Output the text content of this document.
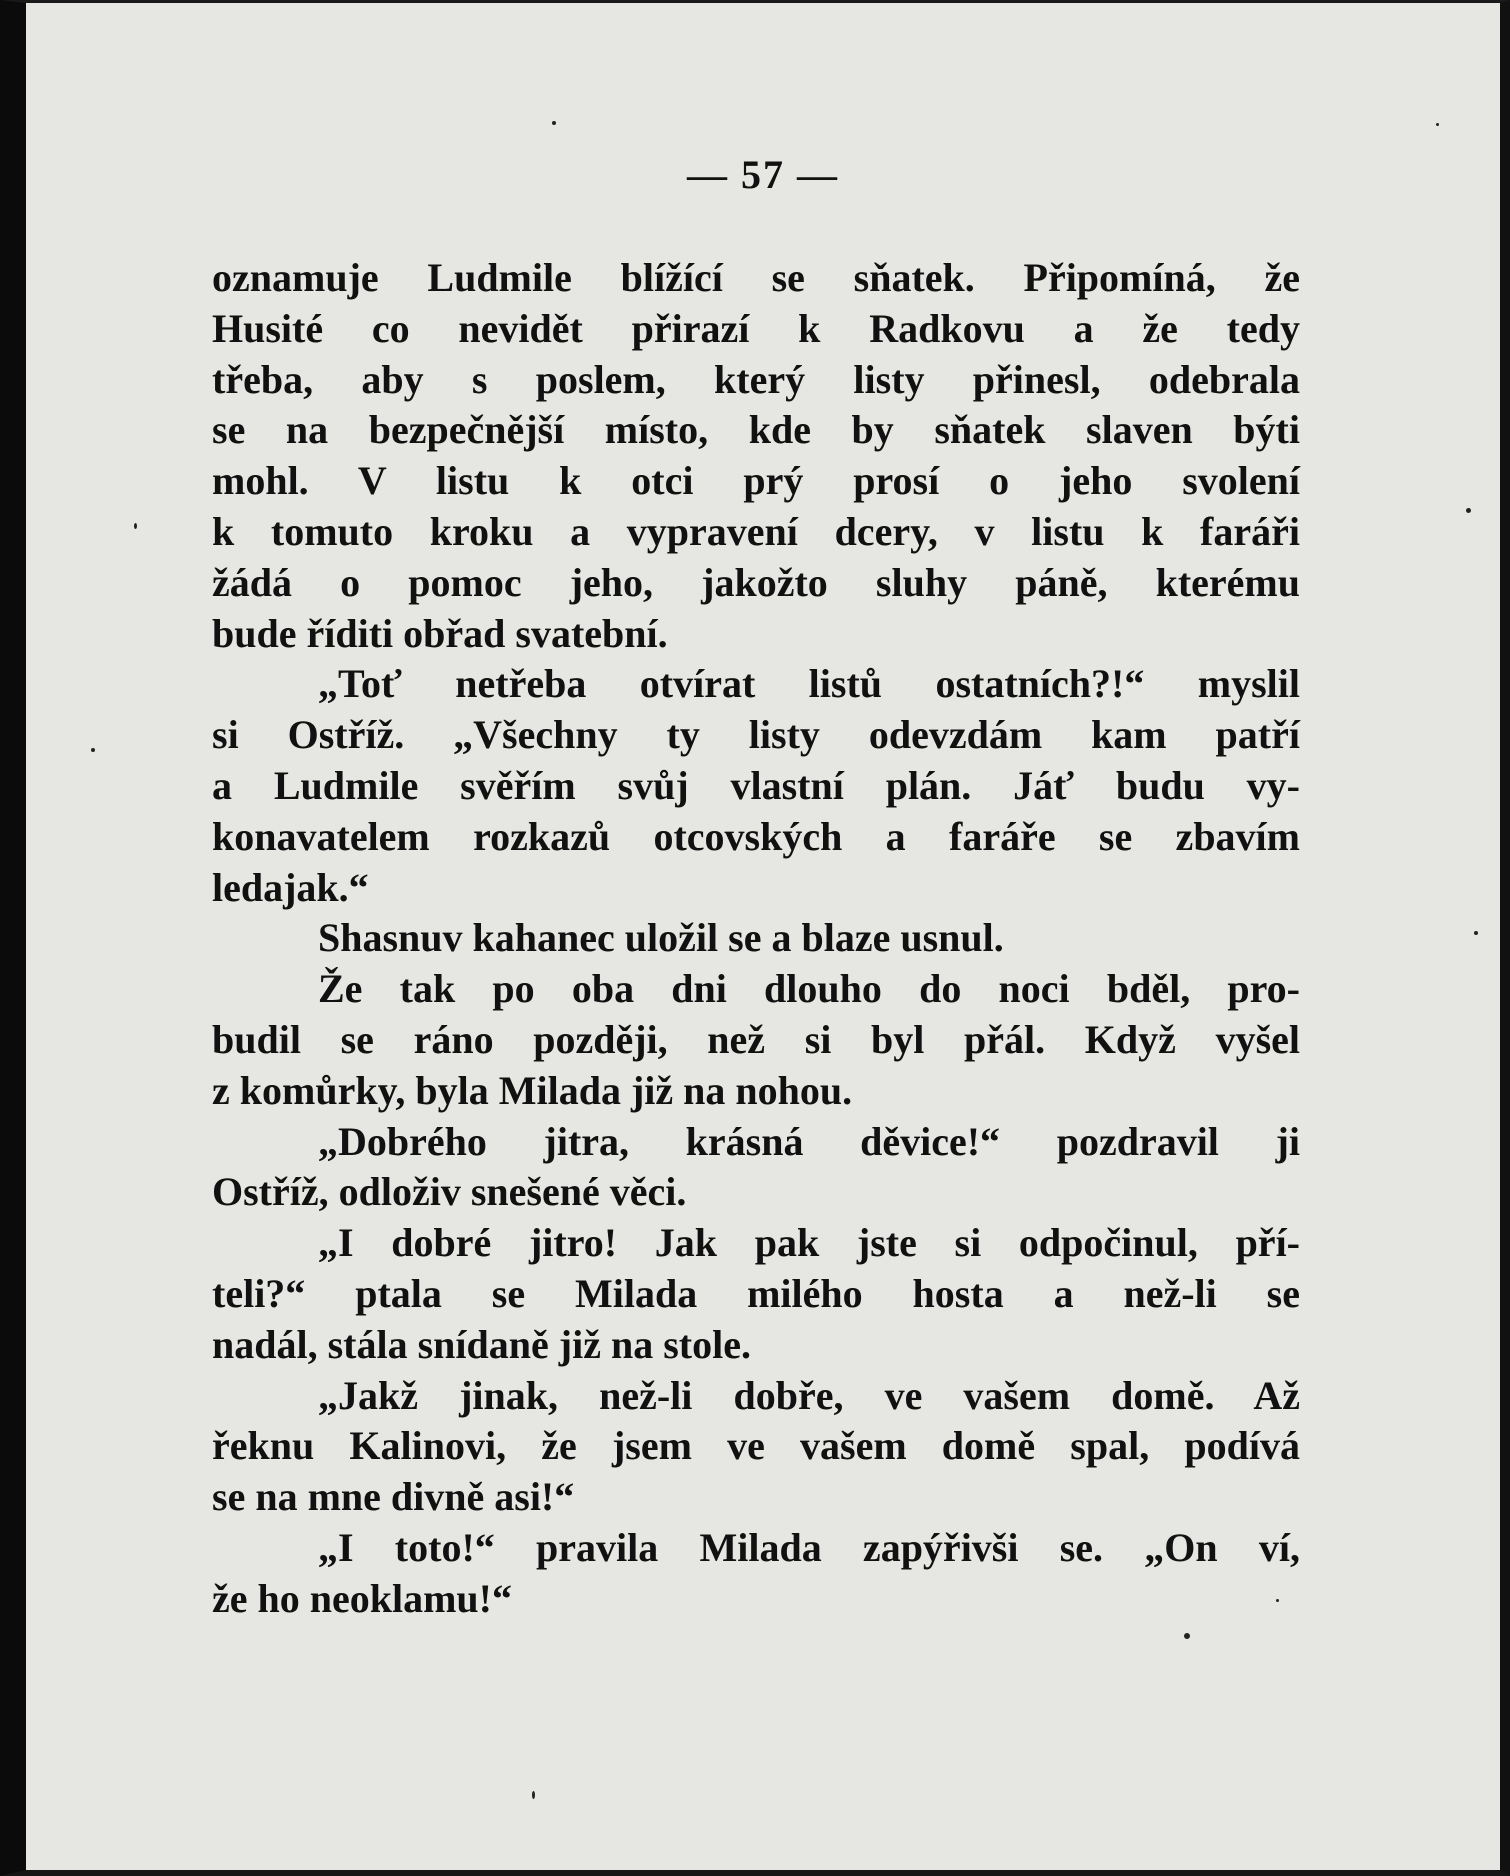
— 57 —
oznamuje Ludmile blížící se sňatek. Připomíná, že
Husité co nevidět přirazí k Radkovu a že tedy
třeba, aby s poslem, který listy přinesl, odebrala
se na bezpečnější místo, kde by sňatek slaven býti
mohl. V listu k otci prý prosí o jeho svolení
k tomuto kroku a vypravení dcery, v listu k faráři
žádá o pomoc jeho, jakožto sluhy páně, kterému
bude říditi obřad svatební.
„Toť netřeba otvírat listů ostatních?!“ myslil
si Ostříž. „Všechny ty listy odevzdám kam patří
a Ludmile svěřím svůj vlastní plán. Jáť budu vy-
konavatelem rozkazů otcovských a faráře se zbavím
ledajak.“
Shasnuv kahanec uložil se a blaze usnul.
Že tak po oba dni dlouho do noci bděl, pro-
budil se ráno později, než si byl přál. Když vyšel
z komůrky, byla Milada již na nohou.
„Dobrého jitra, krásná děvice!“ pozdravil ji
Ostříž, odloživ snešené věci.
„I dobré jitro! Jak pak jste si odpočinul, pří-
teli?“ ptala se Milada milého hosta a než-li se
nadál, stála snídaně již na stole.
„Jakž jinak, než-li dobře, ve vašem domě. Až
řeknu Kalinovi, že jsem ve vašem domě spal, podívá
se na mne divně asi!“
„I toto!“ pravila Milada zapýřivši se. „On ví,
že ho neoklamu!“
